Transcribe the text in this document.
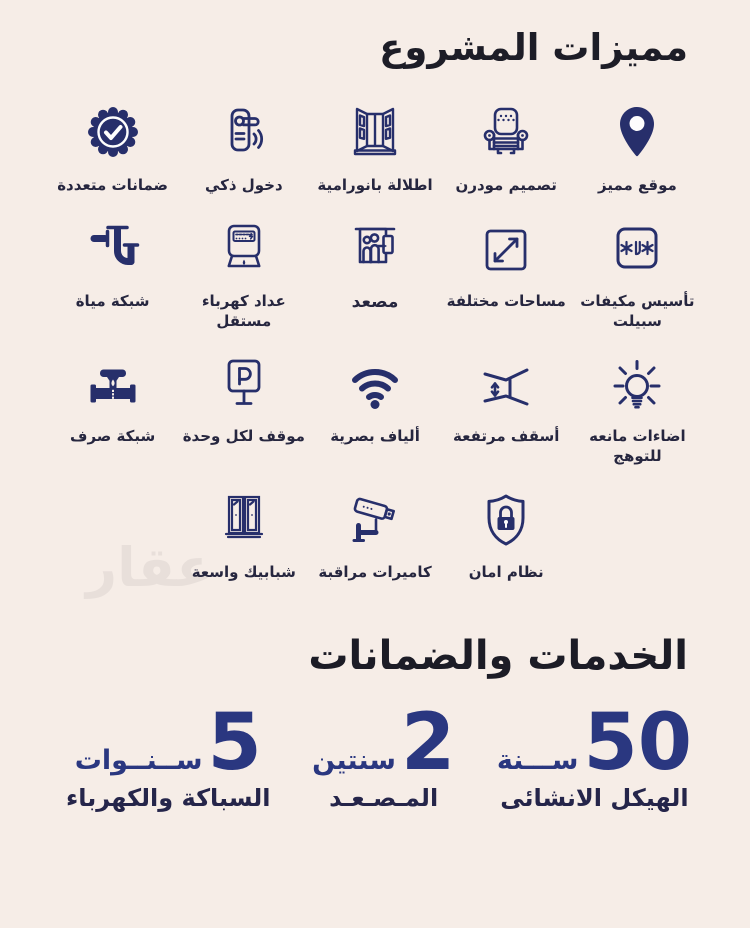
مميزات المشروع
موقع مميز
تصميم مودرن
اطلالة بانورامية
دخول ذكي
ضمانات متعددة
تأسيس مكيفات سبيلت
مساحات مختلفة
مصعد
عداد كهرباء مستقل
شبكة مياة
اضاءات مانعه للتوهج
أسقف مرتفعة
ألياف بصرية
موقف لكل وحدة
شبكة صرف
نظام امان
كاميرات مراقبة
شبابيك واسعة
عقار
الخدمات والضمانات
50
ســـنة
الهيكل الانشائى
2
سنتين
المـصـعـد
5
ســنــوات
السباكة والكهرباء
